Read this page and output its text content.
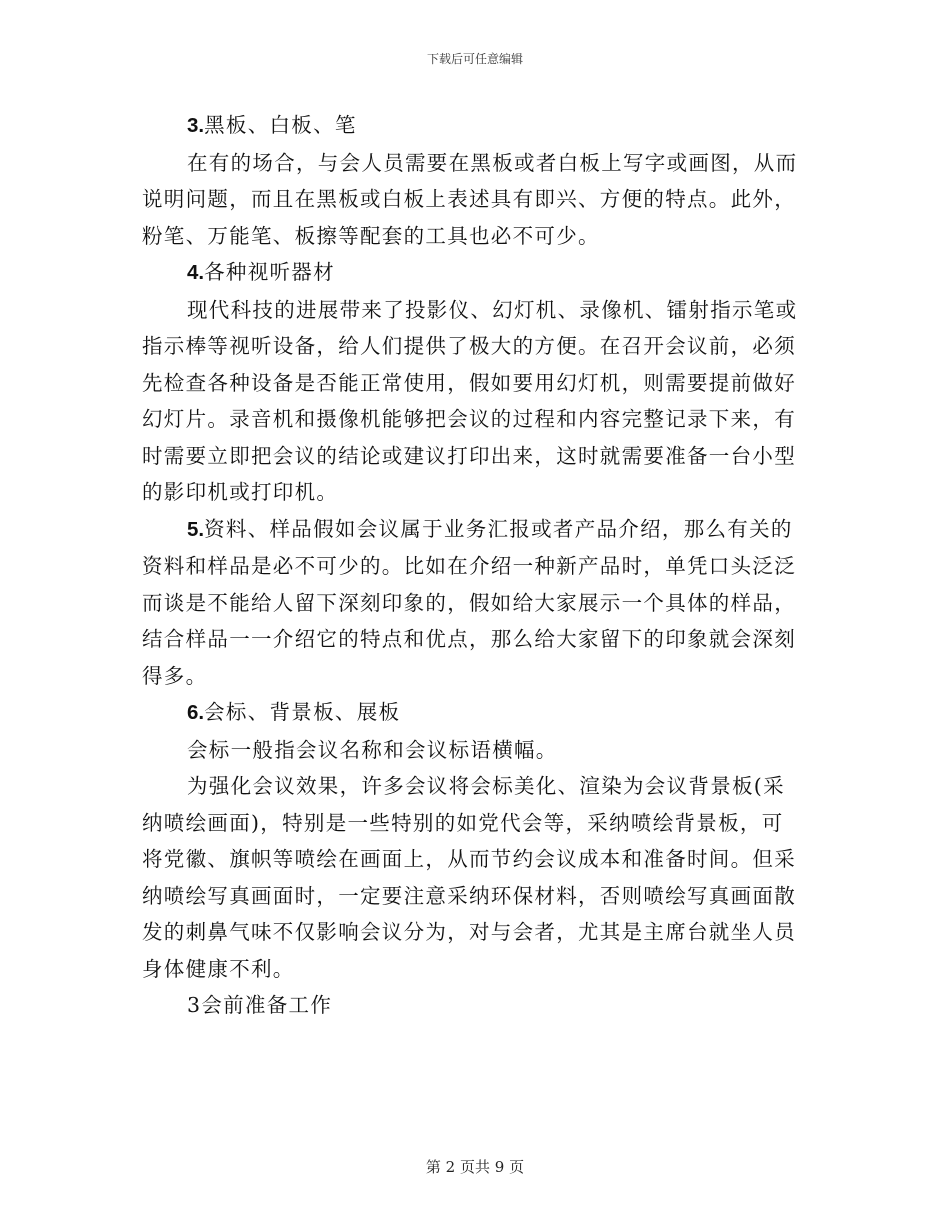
下载后可任意编辑

3.黑板、白板、笔

在有的场合，与会人员需要在黑板或者白板上写字或画图，从而说明问题，而且在黑板或白板上表述具有即兴、方便的特点。此外，粉笔、万能笔、板擦等配套的工具也必不可少。

4.各种视听器材

现代科技的进展带来了投影仪、幻灯机、录像机、镭射指示笔或指示棒等视听设备，给人们提供了极大的方便。在召开会议前，必须先检查各种设备是否能正常使用，假如要用幻灯机，则需要提前做好幻灯片。录音机和摄像机能够把会议的过程和内容完整记录下来，有时需要立即把会议的结论或建议打印出来，这时就需要准备一台小型的影印机或打印机。

5.资料、样品假如会议属于业务汇报或者产品介绍，那么有关的资料和样品是必不可少的。比如在介绍一种新产品时，单凭口头泛泛而谈是不能给人留下深刻印象的，假如给大家展示一个具体的样品，结合样品一一介绍它的特点和优点，那么给大家留下的印象就会深刻得多。

6.会标、背景板、展板

会标一般指会议名称和会议标语横幅。

为强化会议效果，许多会议将会标美化、渲染为会议背景板(采纳喷绘画面)，特别是一些特别的如党代会等，采纳喷绘背景板，可将党徽、旗帜等喷绘在画面上，从而节约会议成本和准备时间。但采纳喷绘写真画面时，一定要注意采纳环保材料，否则喷绘写真画面散发的刺鼻气味不仅影响会议分为，对与会者，尤其是主席台就坐人员身体健康不利。

3会前准备工作

第 2 页共 9 页
